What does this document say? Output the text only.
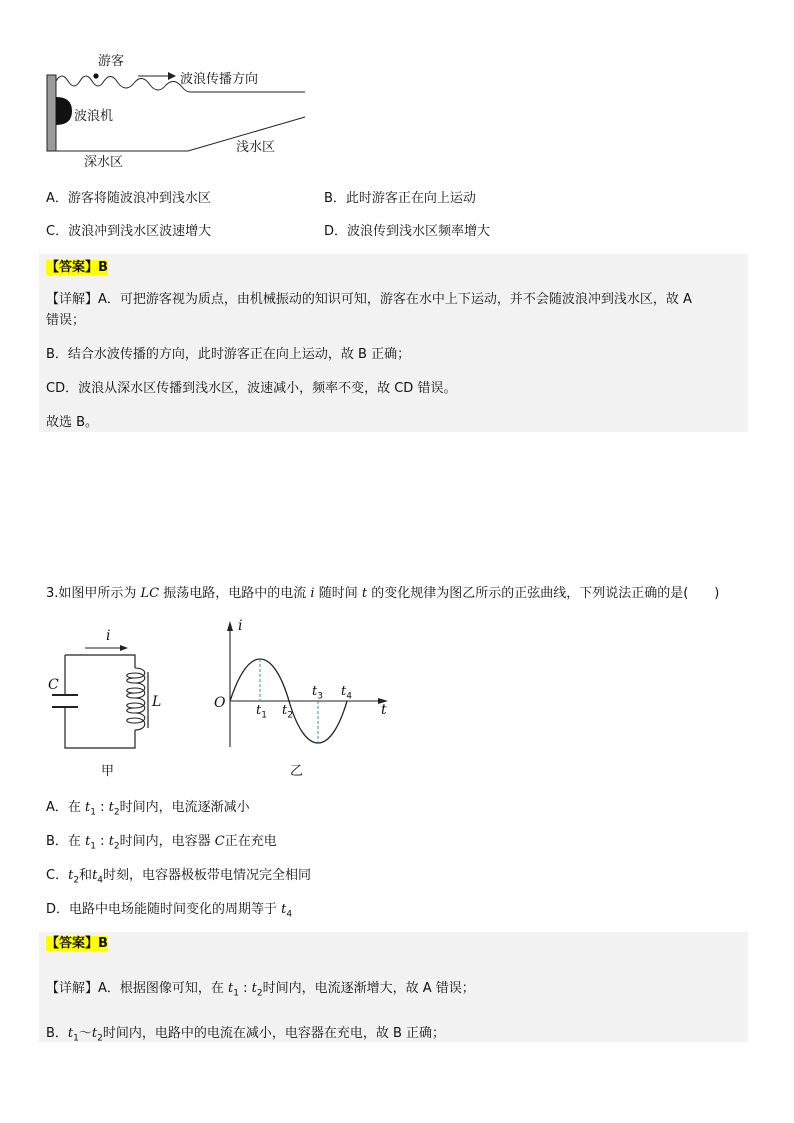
游客
波浪传播方向
波浪机
深水区
浅水区
A．游客将随波浪冲到浅水区	B．此时游客正在向上运动
C．波浪冲到浅水区波速增大	D．波浪传到浅水区频率增大
【答案】B
【详解】A．可把游客视为质点，由机械振动的知识可知，游客在水中上下运动，并不会随波浪冲到浅水区，故 A
错误；
B．结合水波传播的方向，此时游客正在向上运动，故 B 正确；
CD．波浪从深水区传播到浅水区，波速减小，频率不变，故 CD 错误。
故选 B。
3.如图甲所示为 LC 振荡电路，电路中的电流 i 随时间 t 的变化规律为图乙所示的正弦曲线，下列说法正确的是(　　)
i
C
L
甲
i
O	t
$t_1$ $t_2$
$t_3$ $t_4$
乙
A．在 $t_1$ : $t_2$时间内，电流逐渐减小
B．在 $t_1$ : $t_2$时间内，电容器 C正在充电
C．$t_2$和$t_4$时刻，电容器极板带电情况完全相同
D．电路中电场能随时间变化的周期等于 $t_4$
【答案】B
【详解】A．根据图像可知，在 $t_1$ : $t_2$时间内，电流逐渐增大，故 A 错误；
B．$t_1\sim t_2$时间内，电路中的电流在减小，电容器在充电，故 B 正确；
